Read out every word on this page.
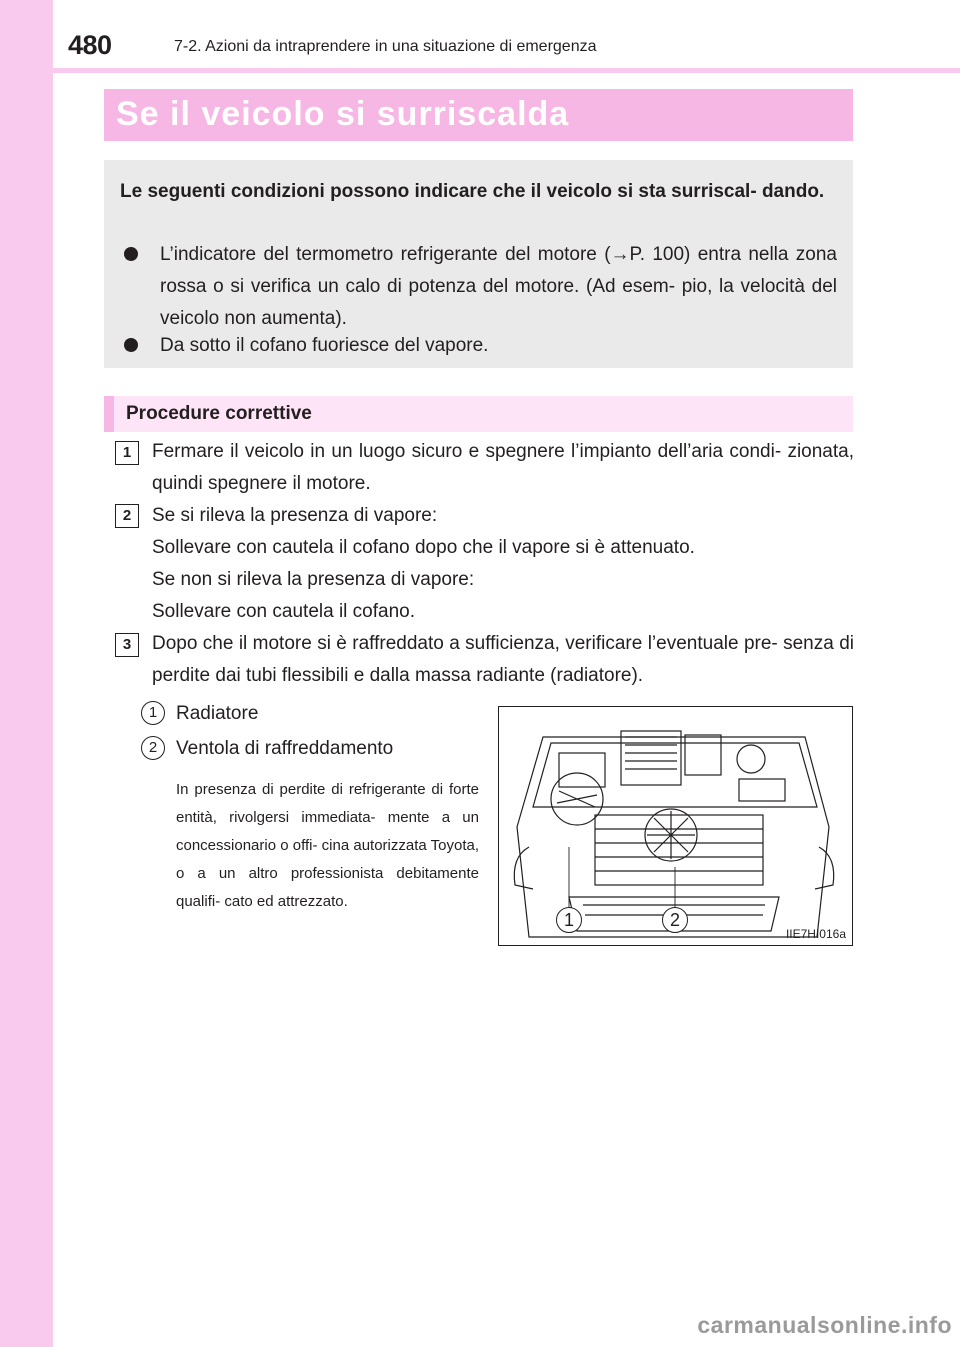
480	7-2. Azioni da intraprendere in una situazione di emergenza
Se il veicolo si surriscalda
Le seguenti condizioni possono indicare che il veicolo si sta surriscal- dando.
L’indicatore del termometro refrigerante del motore (→P. 100) entra nella zona rossa o si verifica un calo di potenza del motore. (Ad esem- pio, la velocità del veicolo non aumenta).
Da sotto il cofano fuoriesce del vapore.
Procedure correttive
1	Fermare il veicolo in un luogo sicuro e spegnere l’impianto dell’aria condi- zionata, quindi spegnere il motore.
2	Se si rileva la presenza di vapore:
Sollevare con cautela il cofano dopo che il vapore si è attenuato.
Se non si rileva la presenza di vapore:
Sollevare con cautela il cofano.
3	Dopo che il motore si è raffreddato a sufficienza, verificare l’eventuale pre- senza di perdite dai tubi flessibili e dalla massa radiante (radiatore).
1 Radiatore
2 Ventola di raffreddamento
In presenza di perdite di refrigerante di forte entità, rivolgersi immediata- mente a un concessionario o offi- cina autorizzata Toyota, o a un altro professionista debitamente qualifi- cato ed attrezzato.
1	2
IIE7HI016a
carmanualsonline.info
